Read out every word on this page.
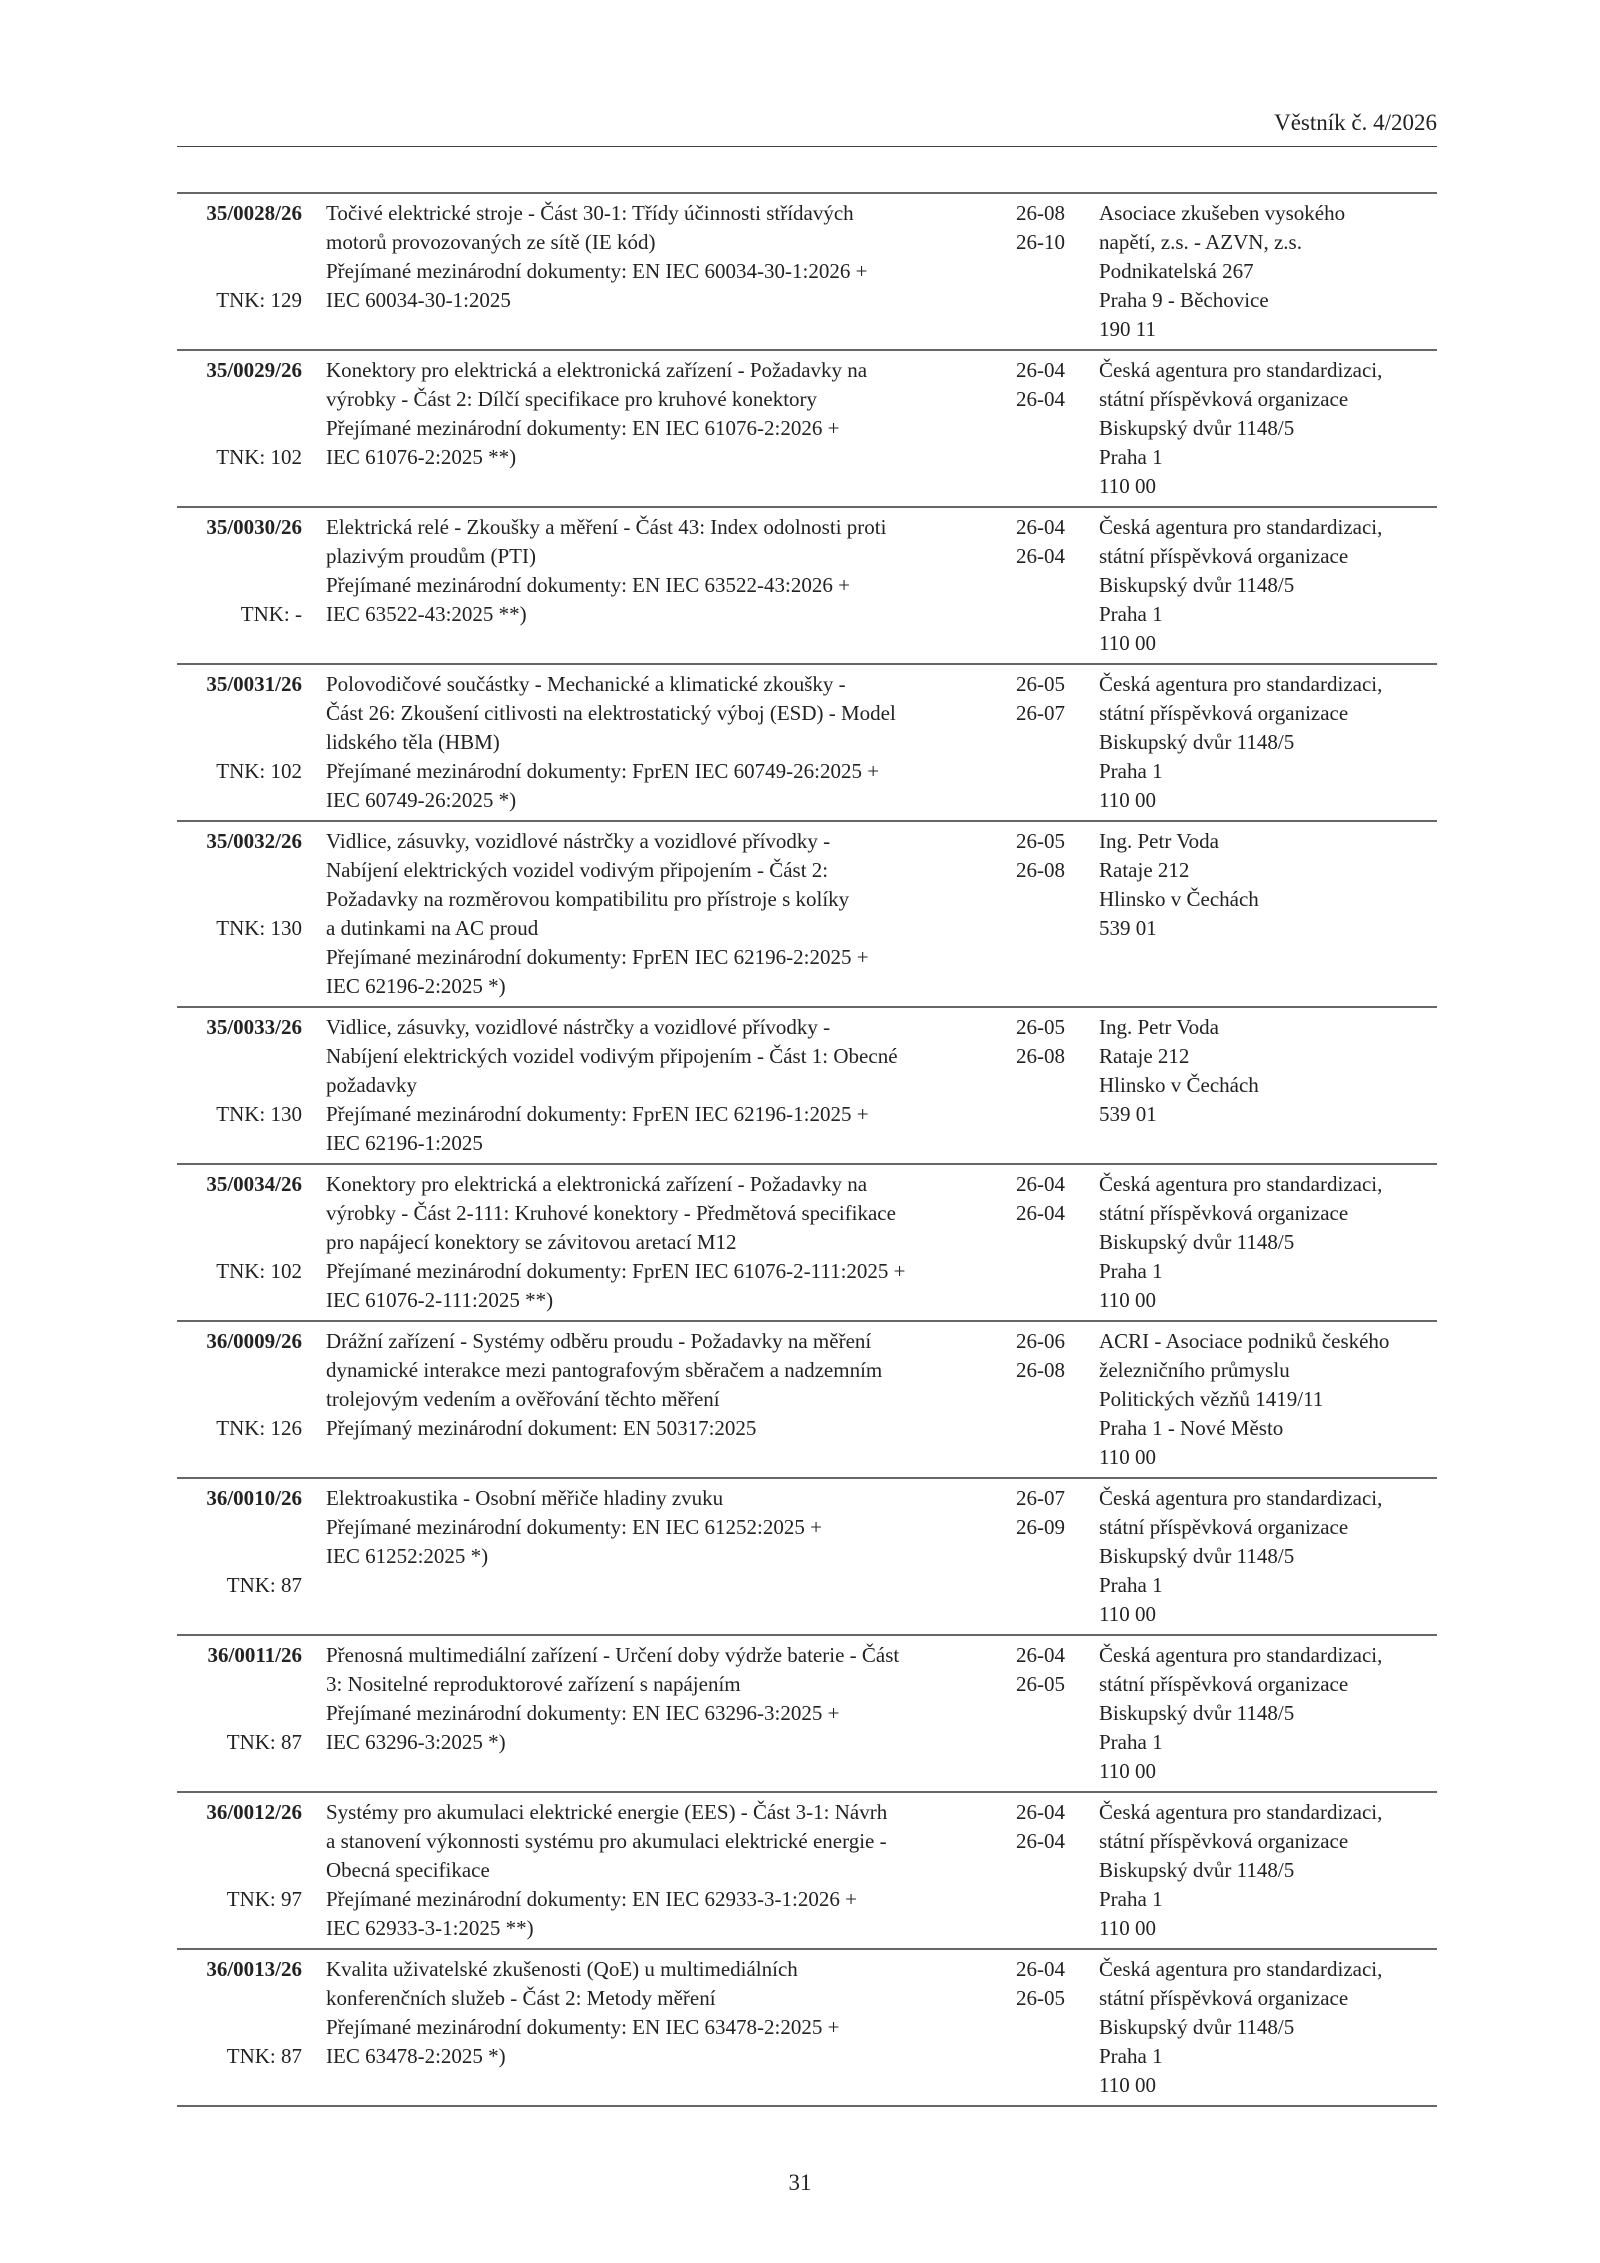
Věstník č. 4/2026
35/0028/26
TNK: 129
Točivé elektrické stroje - Část 30-1: Třídy účinnosti střídavých
motorů provozovaných ze sítě (IE kód)
Přejímané mezinárodní dokumenty: EN IEC 60034-30-1:2026 +
IEC 60034-30-1:2025
26-08
26-10
Asociace zkušeben vysokého
napětí, z.s. - AZVN, z.s.
Podnikatelská 267
Praha 9 - Běchovice
190 11
35/0029/26
TNK: 102
Konektory pro elektrická a elektronická zařízení - Požadavky na
výrobky - Část 2: Dílčí specifikace pro kruhové konektory
Přejímané mezinárodní dokumenty: EN IEC 61076-2:2026 +
IEC 61076-2:2025 **)
26-04
26-04
Česká agentura pro standardizaci,
státní příspěvková organizace
Biskupský dvůr 1148/5
Praha 1
110 00
35/0030/26
TNK: -
Elektrická relé - Zkoušky a měření - Část 43: Index odolnosti proti
plazivým proudům (PTI)
Přejímané mezinárodní dokumenty: EN IEC 63522-43:2026 +
IEC 63522-43:2025 **)
26-04
26-04
Česká agentura pro standardizaci,
státní příspěvková organizace
Biskupský dvůr 1148/5
Praha 1
110 00
35/0031/26
TNK: 102
Polovodičové součástky - Mechanické a klimatické zkoušky -
Část 26: Zkoušení citlivosti na elektrostatický výboj (ESD) - Model
lidského těla (HBM)
Přejímané mezinárodní dokumenty: FprEN IEC 60749-26:2025 +
IEC 60749-26:2025 *)
26-05
26-07
Česká agentura pro standardizaci,
státní příspěvková organizace
Biskupský dvůr 1148/5
Praha 1
110 00
35/0032/26
TNK: 130
Vidlice, zásuvky, vozidlové nástrčky a vozidlové přívodky -
Nabíjení elektrických vozidel vodivým připojením - Část 2:
Požadavky na rozměrovou kompatibilitu pro přístroje s kolíky
a dutinkami na AC proud
Přejímané mezinárodní dokumenty: FprEN IEC 62196-2:2025 +
IEC 62196-2:2025 *)
26-05
26-08
Ing. Petr Voda
Rataje 212
Hlinsko v Čechách
539 01
35/0033/26
TNK: 130
Vidlice, zásuvky, vozidlové nástrčky a vozidlové přívodky -
Nabíjení elektrických vozidel vodivým připojením - Část 1: Obecné
požadavky
Přejímané mezinárodní dokumenty: FprEN IEC 62196-1:2025 +
IEC 62196-1:2025
26-05
26-08
Ing. Petr Voda
Rataje 212
Hlinsko v Čechách
539 01
35/0034/26
TNK: 102
Konektory pro elektrická a elektronická zařízení - Požadavky na
výrobky - Část 2-111: Kruhové konektory - Předmětová specifikace
pro napájecí konektory se závitovou aretací M12
Přejímané mezinárodní dokumenty: FprEN IEC 61076-2-111:2025 +
IEC 61076-2-111:2025 **)
26-04
26-04
Česká agentura pro standardizaci,
státní příspěvková organizace
Biskupský dvůr 1148/5
Praha 1
110 00
36/0009/26
TNK: 126
Drážní zařízení - Systémy odběru proudu - Požadavky na měření
dynamické interakce mezi pantografovým sběračem a nadzemním
trolejovým vedením a ověřování těchto měření
Přejímaný mezinárodní dokument: EN 50317:2025
26-06
26-08
ACRI - Asociace podniků českého
železničního průmyslu
Politických vězňů 1419/11
Praha 1 - Nové Město
110 00
36/0010/26
TNK: 87
Elektroakustika - Osobní měřiče hladiny zvuku
Přejímané mezinárodní dokumenty: EN IEC 61252:2025 +
IEC 61252:2025 *)
26-07
26-09
Česká agentura pro standardizaci,
státní příspěvková organizace
Biskupský dvůr 1148/5
Praha 1
110 00
36/0011/26
TNK: 87
Přenosná multimediální zařízení - Určení doby výdrže baterie - Část
3: Nositelné reproduktorové zařízení s napájením
Přejímané mezinárodní dokumenty: EN IEC 63296-3:2025 +
IEC 63296-3:2025 *)
26-04
26-05
Česká agentura pro standardizaci,
státní příspěvková organizace
Biskupský dvůr 1148/5
Praha 1
110 00
36/0012/26
TNK: 97
Systémy pro akumulaci elektrické energie (EES) - Část 3-1: Návrh
a stanovení výkonnosti systému pro akumulaci elektrické energie -
Obecná specifikace
Přejímané mezinárodní dokumenty: EN IEC 62933-3-1:2026 +
IEC 62933-3-1:2025 **)
26-04
26-04
Česká agentura pro standardizaci,
státní příspěvková organizace
Biskupský dvůr 1148/5
Praha 1
110 00
36/0013/26
TNK: 87
Kvalita uživatelské zkušenosti (QoE) u multimediálních
konferenčních služeb - Část 2: Metody měření
Přejímané mezinárodní dokumenty: EN IEC 63478-2:2025 +
IEC 63478-2:2025 *)
26-04
26-05
Česká agentura pro standardizaci,
státní příspěvková organizace
Biskupský dvůr 1148/5
Praha 1
110 00
31
